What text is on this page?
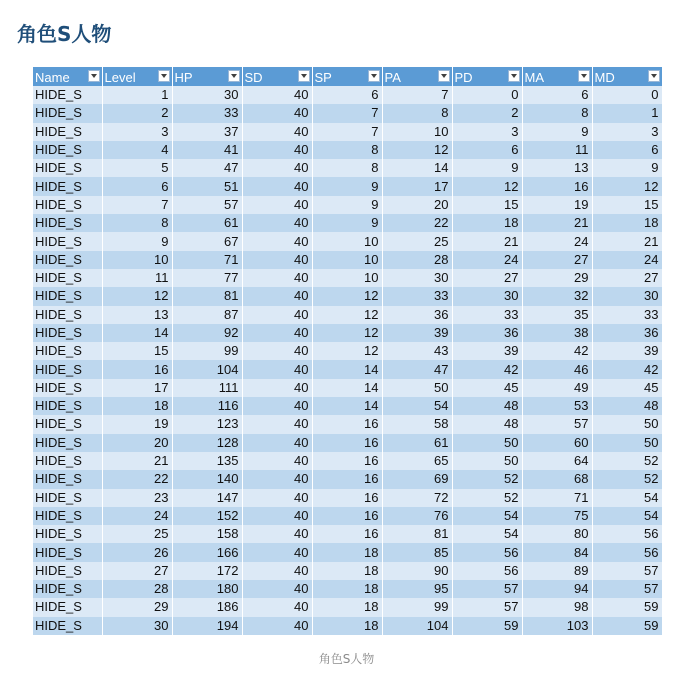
角色S人物
Name	Level	HP	SD	SP	PA	PD	MA	MD

HIDE_S	1	30	40	6	7	0	6	0
HIDE_S	2	33	40	7	8	2	8	1
HIDE_S	3	37	40	7	10	3	9	3
HIDE_S	4	41	40	8	12	6	11	6
HIDE_S	5	47	40	8	14	9	13	9
HIDE_S	6	51	40	9	17	12	16	12
HIDE_S	7	57	40	9	20	15	19	15
HIDE_S	8	61	40	9	22	18	21	18
HIDE_S	9	67	40	10	25	21	24	21
HIDE_S	10	71	40	10	28	24	27	24
HIDE_S	11	77	40	10	30	27	29	27
HIDE_S	12	81	40	12	33	30	32	30
HIDE_S	13	87	40	12	36	33	35	33
HIDE_S	14	92	40	12	39	36	38	36
HIDE_S	15	99	40	12	43	39	42	39
HIDE_S	16	104	40	14	47	42	46	42
HIDE_S	17	111	40	14	50	45	49	45
HIDE_S	18	116	40	14	54	48	53	48
HIDE_S	19	123	40	16	58	48	57	50
HIDE_S	20	128	40	16	61	50	60	50
HIDE_S	21	135	40	16	65	50	64	52
HIDE_S	22	140	40	16	69	52	68	52
HIDE_S	23	147	40	16	72	52	71	54
HIDE_S	24	152	40	16	76	54	75	54
HIDE_S	25	158	40	16	81	54	80	56
HIDE_S	26	166	40	18	85	56	84	56
HIDE_S	27	172	40	18	90	56	89	57
HIDE_S	28	180	40	18	95	57	94	57
HIDE_S	29	186	40	18	99	57	98	59
HIDE_S	30	194	40	18	104	59	103	59
角色S人物
